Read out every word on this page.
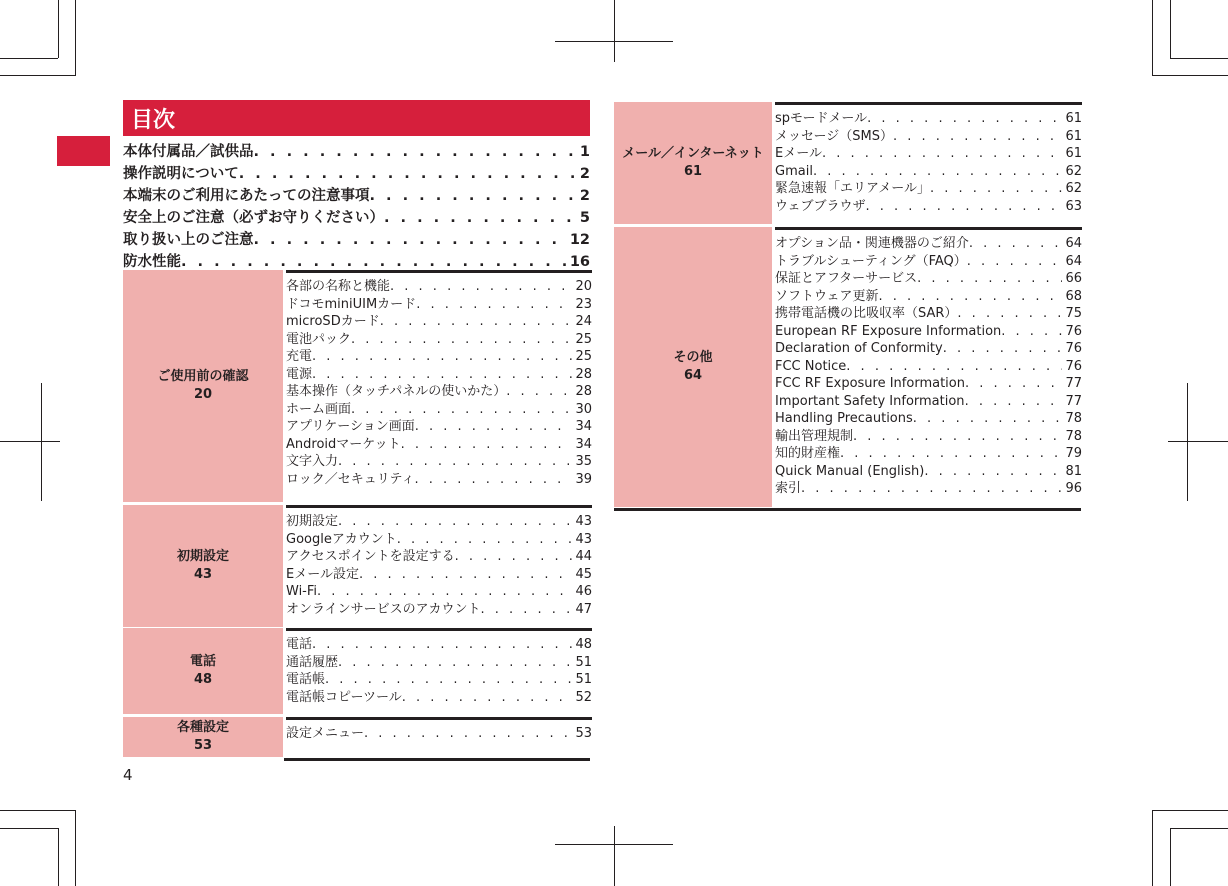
目次
本体付属品／試供品 . . .	1
操作説明について . . .	2
本端末のご利用にあたっての注意事項 . . .	2
安全上のご注意（必ずお守りください） . . .	5
取り扱い上のご注意 . . .	12
防水性能 . . .	16
ご使用前の確認
20
各部の名称と機能 . . .	20
ドコモminiUIMカード . . .	23
microSDカード . . .	24
電池パック . . .	25
充電 . . .	25
電源 . . .	28
基本操作（タッチパネルの使いかた） . . .	28
ホーム画面 . . .	30
アプリケーション画面 . . .	34
Androidマーケット . . .	34
文字入力 . . .	35
ロック／セキュリティ . . .	39
初期設定
43
初期設定 . . .	43
Googleアカウント . . .	43
アクセスポイントを設定する . . .	44
Eメール設定 . . .	45
Wi-Fi . . .	46
オンラインサービスのアカウント . . .	47
電話
48
電話 . . .	48
通話履歴 . . .	51
電話帳 . . .	51
電話帳コピーツール . . .	52
各種設定
53
設定メニュー . . .	53
メール／インターネット
61
spモードメール . . .	61
メッセージ（SMS） . . .	61
Eメール . . .	61
Gmail . . .	62
緊急速報「エリアメール」 . . .	62
ウェブブラウザ . . .	63
その他
64
オプション品・関連機器のご紹介 . . .	64
トラブルシューティング（FAQ） . . .	64
保証とアフターサービス . . .	66
ソフトウェア更新 . . .	68
携帯電話機の比吸収率（SAR） . . .	75
European RF Exposure Information . . .	76
Declaration of Conformity . . .	76
FCC Notice . . .	76
FCC RF Exposure Information . . .	77
Important Safety Information . . .	77
Handling Precautions . . .	78
輸出管理規制 . . .	78
知的財産権 . . .	79
Quick Manual (English) . . .	81
索引 . . .	96
4
